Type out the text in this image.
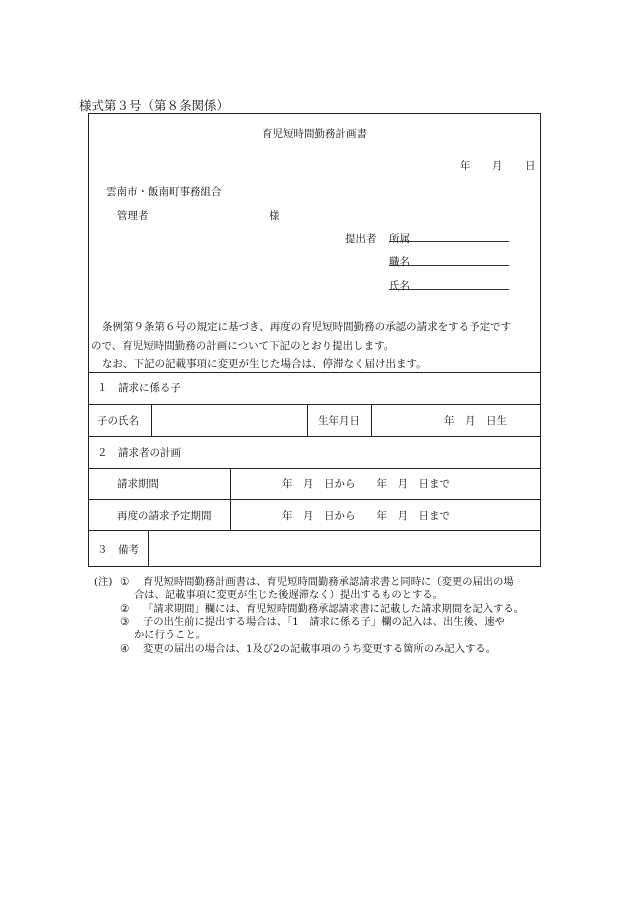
様式第３号（第８条関係）
育児短時間勤務計画書
年 月 日
雲南市・飯南町事務組合
管理者	様
提出者 所属
職名
氏名
条例第９条第６号の規定に基づき、再度の育児短時間勤務の承認の請求をする予定です
ので、育児短時間勤務の計画について下記のとおり提出します。
なお、下記の記載事項に変更が生じた場合は、停滞なく届け出ます。
１　請求に係る子
子の氏名	生年月日	年　月　日生
２　請求者の計画
請求期間	年　月　日から　　年　月　日まで
再度の請求予定期間	年　月　日から　　年　月　日まで
３　備考
(注) ① 育児短時間勤務計画書は、育児短時間勤務承認請求書と同時に（変更の届出の場
合は、記載事項に変更が生じた後遅滞なく）提出するものとする。
② 「請求期間」欄には、育児短時間勤務承認請求書に記載した請求期間を記入する。
③ 子の出生前に提出する場合は、「1　請求に係る子」欄の記入は、出生後、速や
かに行うこと。
④ 変更の届出の場合は、1及び2の記載事項のうち変更する箇所のみ記入する。
